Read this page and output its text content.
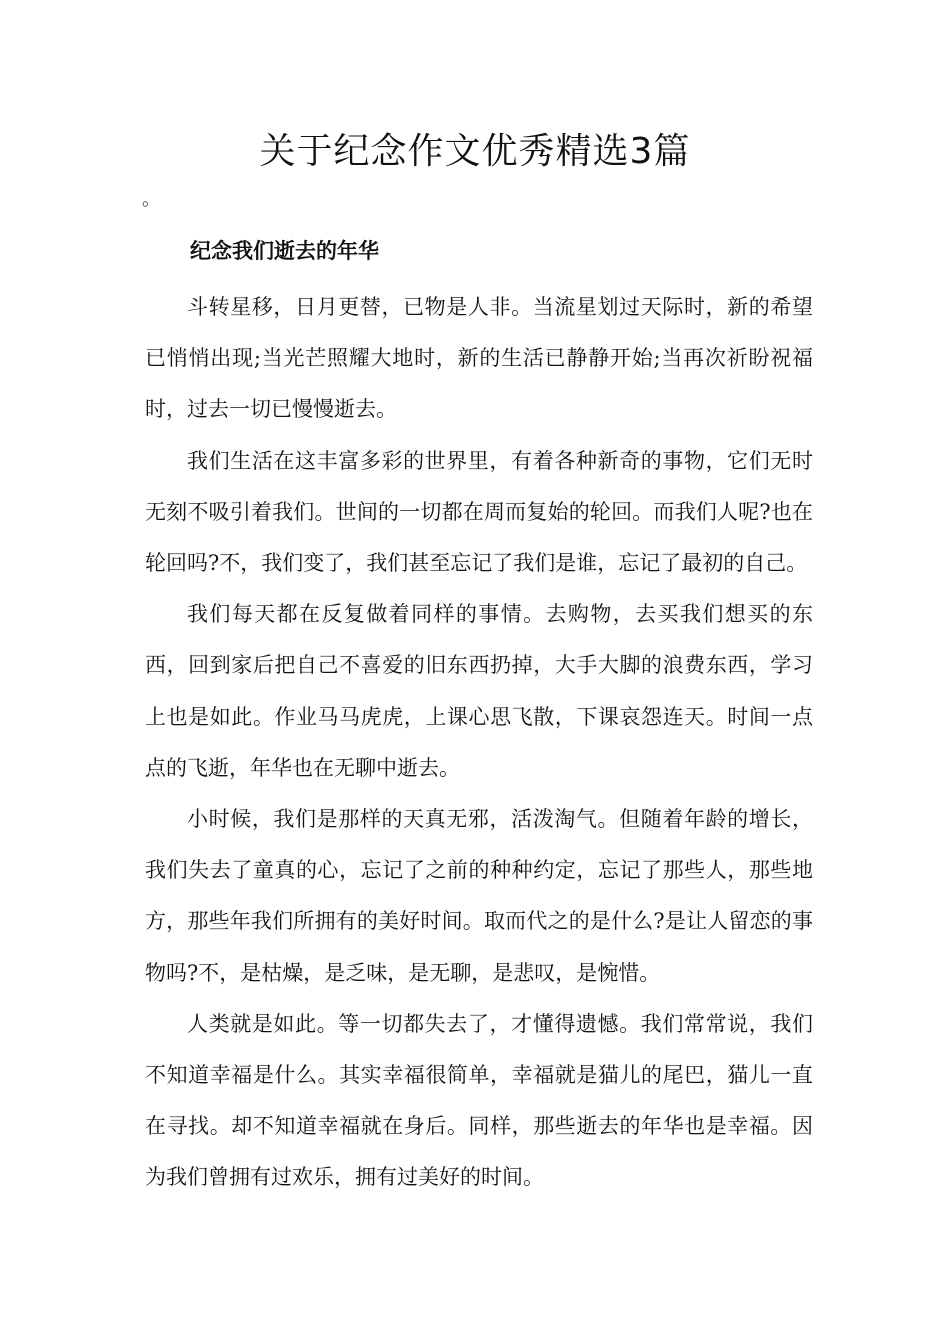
关于纪念作文优秀精选3篇
。
纪念我们逝去的年华

斗转星移，日月更替，已物是人非。当流星划过天际时，新的希望已悄悄出现;当光芒照耀大地时，新的生活已静静开始;当再次祈盼祝福时，过去一切已慢慢逝去。

我们生活在这丰富多彩的世界里，有着各种新奇的事物，它们无时无刻不吸引着我们。世间的一切都在周而复始的轮回。而我们人呢?也在轮回吗?不，我们变了，我们甚至忘记了我们是谁，忘记了最初的自己。

我们每天都在反复做着同样的事情。去购物，去买我们想买的东西，回到家后把自己不喜爱的旧东西扔掉，大手大脚的浪费东西，学习上也是如此。作业马马虎虎，上课心思飞散，下课哀怨连天。时间一点点的飞逝，年华也在无聊中逝去。

小时候，我们是那样的天真无邪，活泼淘气。但随着年龄的增长，我们失去了童真的心，忘记了之前的种种约定，忘记了那些人，那些地方，那些年我们所拥有的美好时间。取而代之的是什么?是让人留恋的事物吗?不，是枯燥，是乏味，是无聊，是悲叹，是惋惜。

人类就是如此。等一切都失去了，才懂得遗憾。我们常常说，我们不知道幸福是什么。其实幸福很简单，幸福就是猫儿的尾巴，猫儿一直在寻找。却不知道幸福就在身后。同样，那些逝去的年华也是幸福。因为我们曾拥有过欢乐，拥有过美好的时间。
